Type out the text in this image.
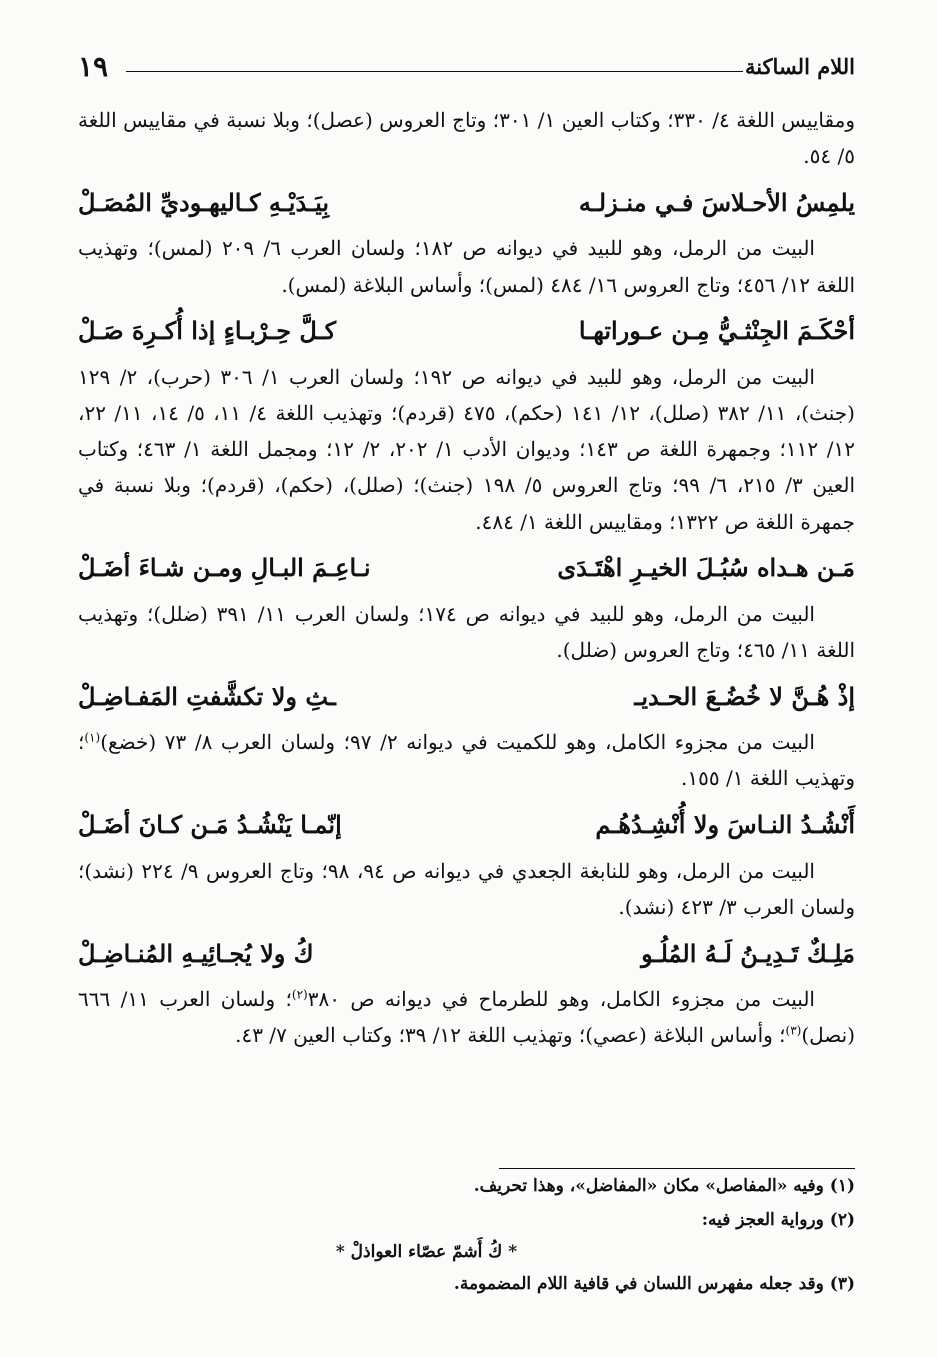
اللام الساكنة
١٩

ومقاييس اللغة ٤/ ٣٣٠؛ وكتاب العين ١/ ٣٠١؛ وتاج العروس (عصل)؛ وبلا نسبة في مقاييس اللغة ٥/ ٥٤.

يلمِسُ الأحـلاسَ فـي منـزلـه
بِيَـدَيْـهِ كـاليهـوديِّ المُصَـلْ

البيت من الرمل، وهو للبيد في ديوانه ص ١٨٢؛ ولسان العرب ٦/ ٢٠٩ (لمس)؛ وتهذيب اللغة ١٢/ ٤٥٦؛ وتاج العروس ١٦/ ٤٨٤ (لمس)؛ وأساس البلاغة (لمس).

أحْكَـمَ الجِنْثـيُّ مِـن عـوراتهـا
كـلَّ حِـرْبـاءٍ إذا أُكـرِهَ صَـلْ

البيت من الرمل، وهو للبيد في ديوانه ص ١٩٢؛ ولسان العرب ١/ ٣٠٦ (حرب)، ٢/ ١٢٩ (جنث)، ١١/ ٣٨٢ (صلل)، ١٢/ ١٤١ (حكم)، ٤٧٥ (قردم)؛ وتهذيب اللغة ٤/ ١١، ٥/ ١٤، ١١/ ٢٢، ١٢/ ١١٢؛ وجمهرة اللغة ص ١٤٣؛ وديوان الأدب ١/ ٢٠٢، ٢/ ١٢؛ ومجمل اللغة ١/ ٤٦٣؛ وكتاب العين ٣/ ٢١٥، ٦/ ٩٩؛ وتاج العروس ٥/ ١٩٨ (جنث)؛ (صلل)، (حكم)، (قردم)؛ وبلا نسبة في جمهرة اللغة ص ١٣٢٢؛ ومقاييس اللغة ١/ ٤٨٤.

مَـن هـداه سُبُـلَ الخيـرِ اهْتَـدَى
نـاعِـمَ البـالِ ومـن شـاءَ أضَـلْ

البيت من الرمل، وهو للبيد في ديوانه ص ١٧٤؛ ولسان العرب ١١/ ٣٩١ (ضلل)؛ وتهذيب اللغة ١١/ ٤٦٥؛ وتاج العروس (ضلل).

إذْ هُـنَّ لا خُضُـعَ الحـديـ
ـثِ ولا تكشَّفتِ المَفـاضِـلْ

البيت من مجزوء الكامل، وهو للكميت في ديوانه ٢/ ٩٧؛ ولسان العرب ٨/ ٧٣ (خضع)$^{(١)}$؛ وتهذيب اللغة ١/ ١٥٥.

أَنْشُـدُ النـاسَ ولا أُنْشِـدُهُـم
إنّمـا يَنْشُـدُ مَـن كـانَ أضَـلْ

البيت من الرمل، وهو للنابغة الجعدي في ديوانه ص ٩٤، ٩٨؛ وتاج العروس ٩/ ٢٢٤ (نشد)؛ ولسان العرب ٣/ ٤٢٣ (نشد).

مَلِـكٌ تَـدِيـنُ لَـهُ المُلُـو
كُ ولا يُجـائِيـهِ المُنـاضِـلْ

البيت من مجزوء الكامل، وهو للطرماح في ديوانه ص ٣٨٠$^{(٢)}$؛ ولسان العرب ١١/ ٦٦٦ (نصل)$^{(٣)}$؛ وأساس البلاغة (عصي)؛ وتهذيب اللغة ١٢/ ٣٩؛ وكتاب العين ٧/ ٤٣.

(١) وفيه «المفاصل» مكان «المفاضل»، وهذا تحريف.

(٢) ورواية العجز فيه:

* كُ أَشمّ عصّاء العواذلْ *

(٣) وقد جعله مفهرس اللسان في قافية اللام المضمومة.
